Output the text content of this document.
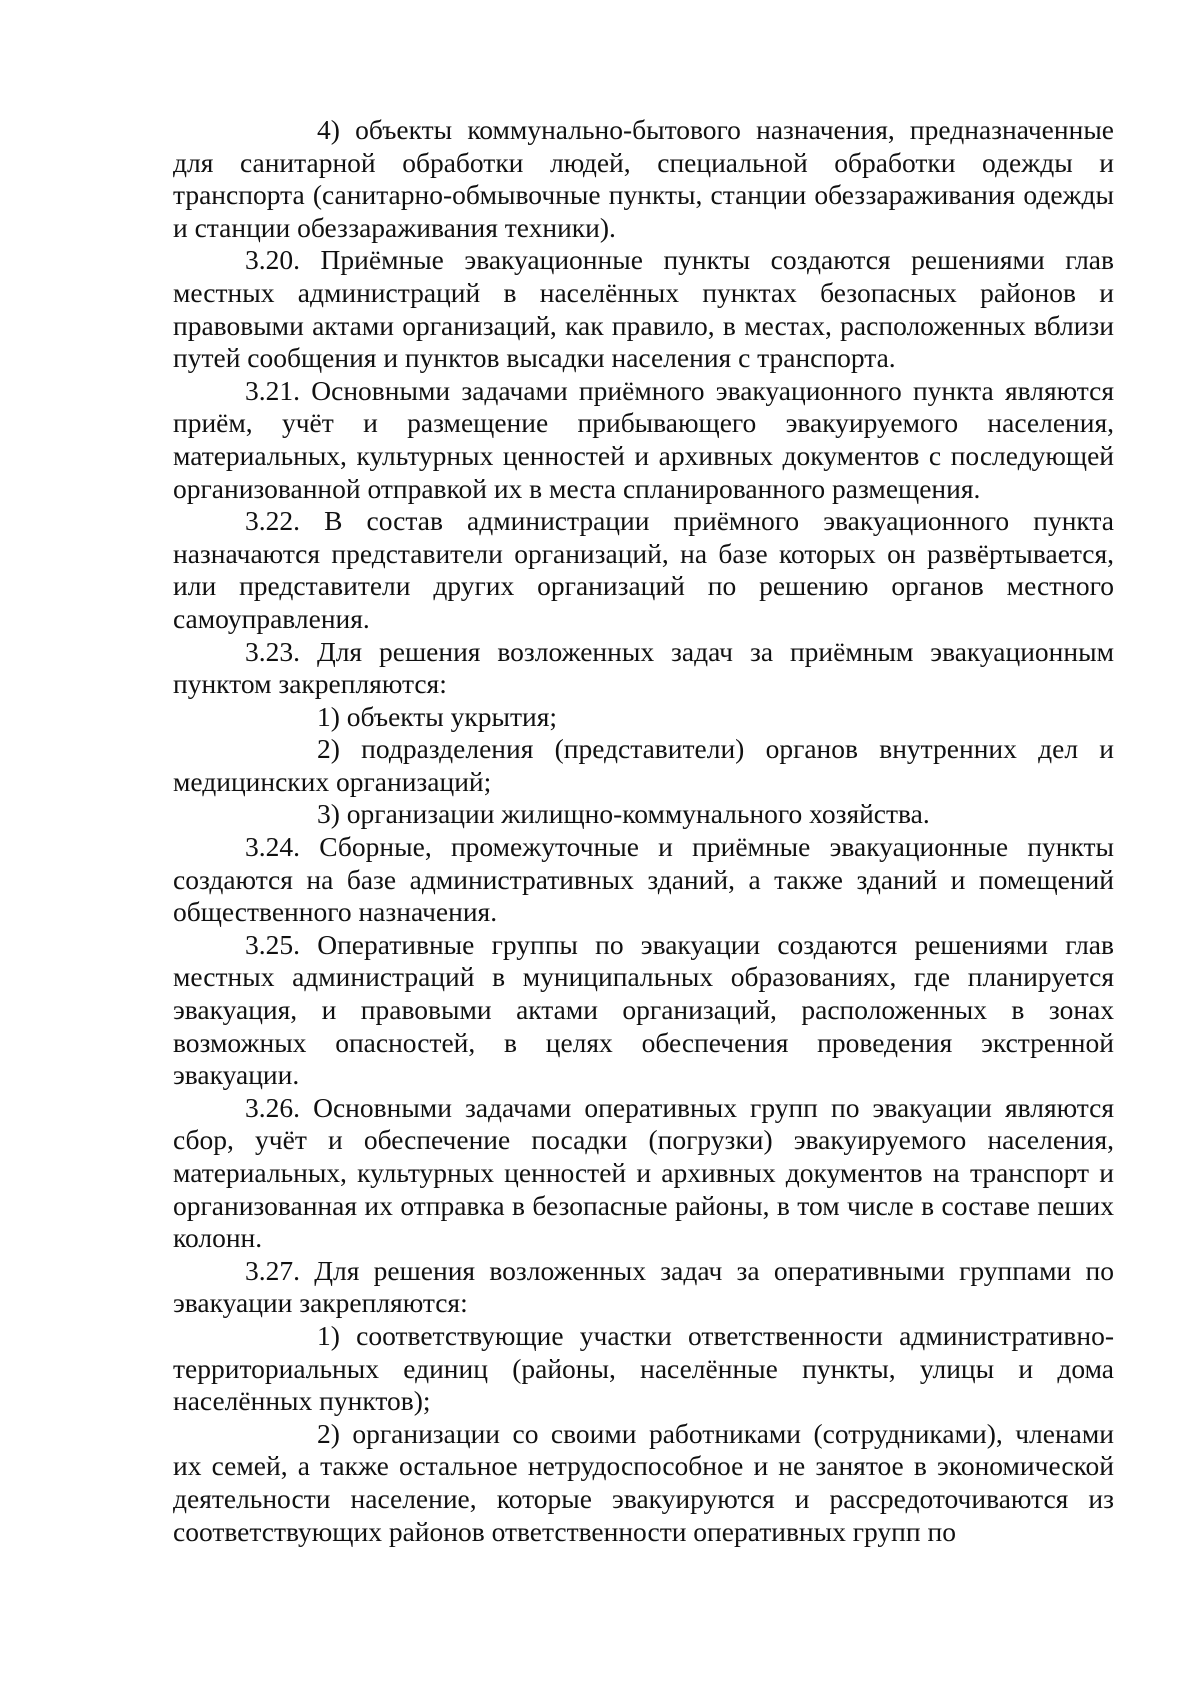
4) объекты коммунально-бытового назначения, предназначенные для санитарной обработки людей, специальной обработки одежды и транспорта (санитарно-обмывочные пункты, станции обеззараживания одежды и станции обеззараживания техники).

3.20. Приёмные эвакуационные пункты создаются решениями глав местных администраций в населённых пунктах безопасных районов и правовыми актами организаций, как правило, в местах, расположенных вблизи путей сообщения и пунктов высадки населения с транспорта.

3.21. Основными задачами приёмного эвакуационного пункта являются приём, учёт и размещение прибывающего эвакуируемого населения, материальных, культурных ценностей и архивных документов с последующей организованной отправкой их в места спланированного размещения.

3.22. В состав администрации приёмного эвакуационного пункта назначаются представители организаций, на базе которых он развёртывается, или представители других организаций по решению органов местного самоуправления.

3.23. Для решения возложенных задач за приёмным эвакуационным пунктом закрепляются:

1) объекты укрытия;

2) подразделения (представители) органов внутренних дел и медицинских организаций;

3) организации жилищно-коммунального хозяйства.

3.24. Сборные, промежуточные и приёмные эвакуационные пункты создаются на базе административных зданий, а также зданий и помещений общественного назначения.

3.25. Оперативные группы по эвакуации создаются решениями глав местных администраций в муниципальных образованиях, где планируется эвакуация, и правовыми актами организаций, расположенных в зонах возможных опасностей, в целях обеспечения проведения экстренной эвакуации.

3.26. Основными задачами оперативных групп по эвакуации являются сбор, учёт и обеспечение посадки (погрузки) эвакуируемого населения, материальных, культурных ценностей и архивных документов на транспорт и организованная их отправка в безопасные районы, в том числе в составе пеших колонн.

3.27. Для решения возложенных задач за оперативными группами по эвакуации закрепляются:

1) соответствующие участки ответственности административно-территориальных единиц (районы, населённые пункты, улицы и дома населённых пунктов);

2) организации со своими работниками (сотрудниками), членами их семей, а также остальное нетрудоспособное и не занятое в экономической деятельности население, которые эвакуируются и рассредоточиваются из соответствующих районов ответственности оперативных групп по
